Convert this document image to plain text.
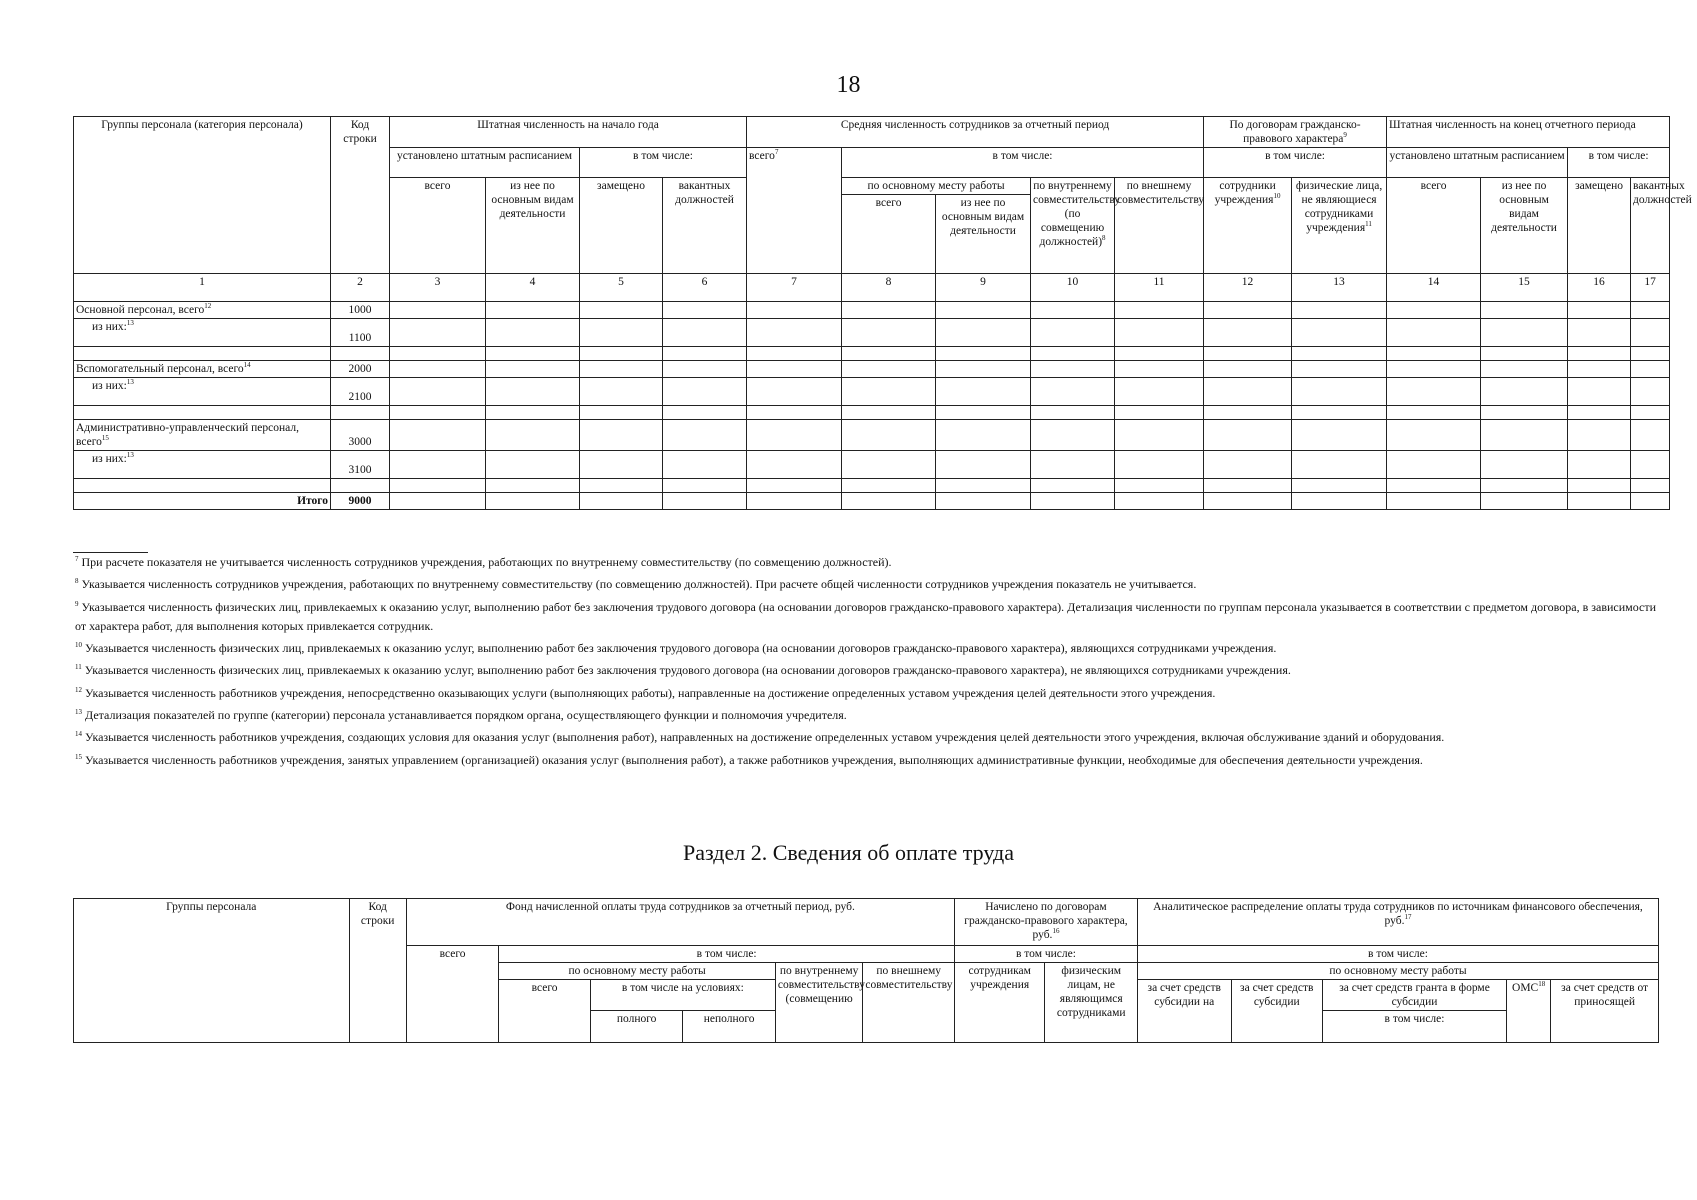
18
Группы персонала (категория персонала)	Код строки	Штатная численность на начало года				Средняя численность сотрудников за отчетный период					По договорам гражданско-правового характера$^9$		Штатная численность на конец отчетного периода			
		установлено штатным расписанием		в том числе:		всего$^7$	в том числе:				в том числе:		установлено штатным расписанием		в том числе:	
		всего	из нее по основным видам деятельности	замещено	вакантных должностей		по основному месту работы		по внутреннему совместительству (по совмещению должностей)$^8$	по внешнему совместительству	сотрудники учреждения$^{10}$	физические лица, не являющиеся сотрудниками учреждения$^{11}$	всего	из нее по основным видам деятельности	замещено	вакантных должностей
							всего	из нее по основным видам деятельности								
1	2	3	4	5	6	7	8	9	10	11	12	13	14	15	16	17
Основной персонал, всего$^{12}$	1000															
из них:$^{13}$	1100															

Вспомогательный персонал, всего$^{14}$	2000															
из них:$^{13}$	2100															

Административно-управленческий персонал, всего$^{15}$	3000															
из них:$^{13}$	3100															

Итого	9000															

$^7$ При расчете показателя не учитывается численность сотрудников учреждения, работающих по внутреннему совместительству (по совмещению должностей).

$^8$ Указывается численность сотрудников учреждения, работающих по внутреннему совместительству (по совмещению должностей). При расчете общей численности сотрудников учреждения показатель не учитывается.

$^9$ Указывается численность физических лиц, привлекаемых к оказанию услуг, выполнению работ без заключения трудового договора (на основании договоров гражданско-правового характера). Детализация численности по группам персонала указывается в соответствии с предметом договора, в зависимости от характера работ, для выполнения которых привлекается сотрудник.

$^{10}$ Указывается численность физических лиц, привлекаемых к оказанию услуг, выполнению работ без заключения трудового договора (на основании договоров гражданско-правового характера), являющихся сотрудниками учреждения.

$^{11}$ Указывается численность физических лиц, привлекаемых к оказанию услуг, выполнению работ без заключения трудового договора (на основании договоров гражданско-правового характера), не являющихся сотрудниками учреждения.

$^{12}$ Указывается численность работников учреждения, непосредственно оказывающих услуги (выполняющих работы), направленные на достижение определенных уставом учреждения целей деятельности этого учреждения.

$^{13}$ Детализация показателей по группе (категории) персонала устанавливается порядком органа, осуществляющего функции и полномочия учредителя.

$^{14}$ Указывается численность работников учреждения, создающих условия для оказания услуг (выполнения работ), направленных на достижение определенных уставом учреждения целей деятельности этого учреждения, включая обслуживание зданий и оборудования.

$^{15}$ Указывается численность работников учреждения, занятых управлением (организацией) оказания услуг (выполнения работ), а также работников учреждения, выполняющих административные функции, необходимые для обеспечения деятельности учреждения.

Раздел 2. Сведения об оплате труда
Группы персонала	Код строки	Фонд начисленной оплаты труда сотрудников за отчетный период, руб.						Начислено по договорам гражданско-правового характера, руб.$^{16}$		Аналитическое распределение оплаты труда сотрудников по источникам финансового обеспечения, руб.$^{17}$
		всего	в том числе:					в том числе:		в том числе:				
			по основному месту работы			по внутреннему совместительству (совмещению	по внешнему совместительству	сотрудникам учреждения	физическим лицам, не являющимся сотрудниками	по основному месту работы				
			всего	в том числе на условиях:						за счет средств субсидии на	за счет средств субсидии	за счет средств гранта в форме субсидии	ОМС$^{18}$	за счет средств от приносящей
				полного	неполного							в том числе:		
